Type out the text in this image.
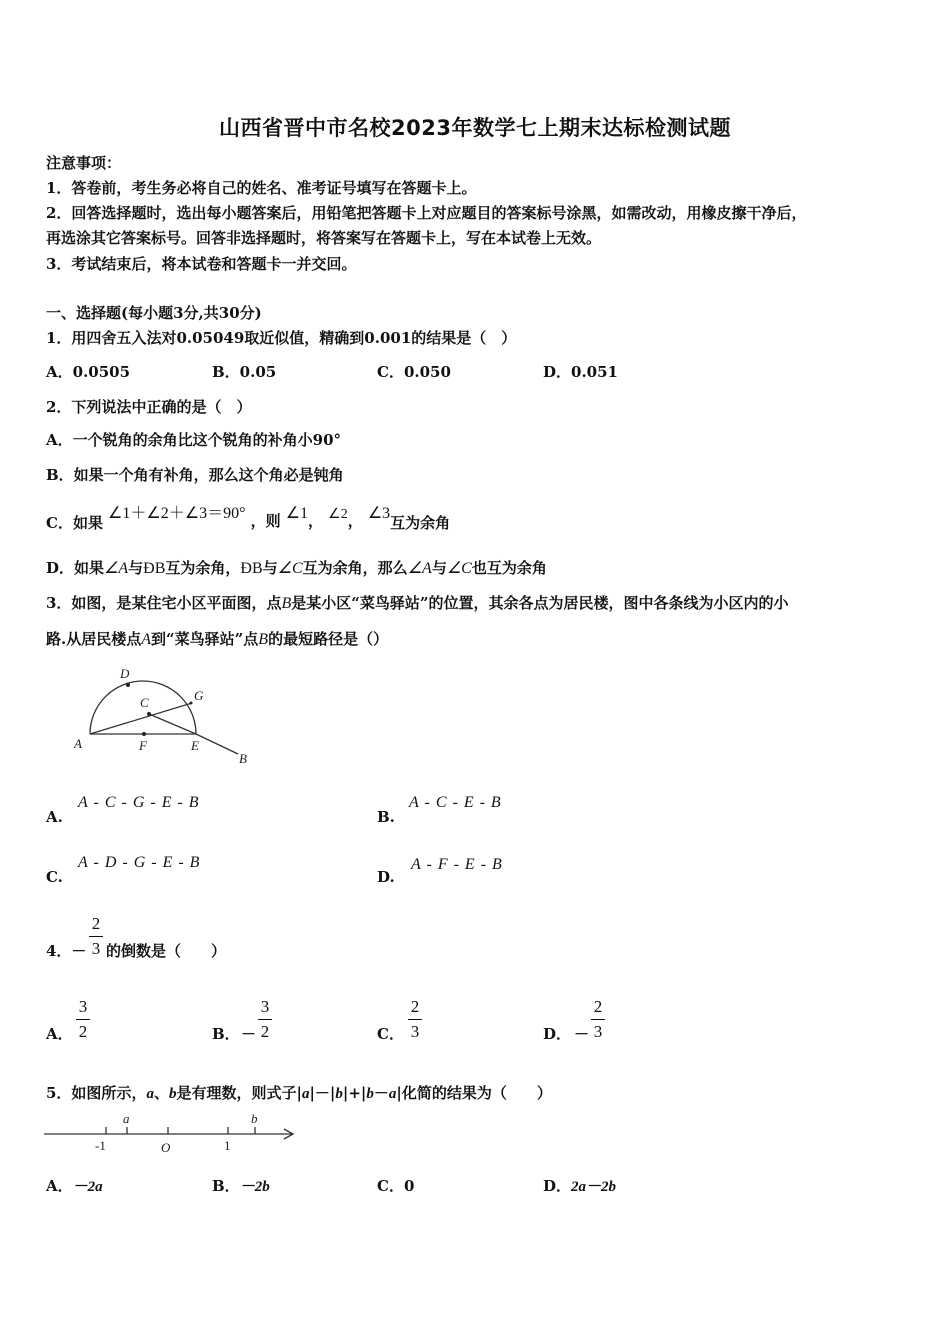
山西省晋中市名校2023年数学七上期末达标检测试题
注意事项：
1．答卷前，考生务必将自己的姓名、准考证号填写在答题卡上。
2．回答选择题时，选出每小题答案后，用铅笔把答题卡上对应题目的答案标号涂黑，如需改动，用橡皮擦干净后，
再选涂其它答案标号。回答非选择题时，将答案写在答题卡上，写在本试卷上无效。
3．考试结束后，将本试卷和答题卡一并交回。
一、选择题(每小题3分,共30分)
1．用四舍五入法对0.05049取近似值，精确到0.001的结果是（　）
A．0.0505	B．0.05	C．0.050	D．0.051
2．下列说法中正确的是（　）
A．一个锐角的余角比这个锐角的补角小90°
B．如果一个角有补角，那么这个角必是钝角
C．如果 ∠1＋∠2＋∠3＝90° ，则 ∠1， ∠2， ∠3互为余角
D．如果∠A与ÐB互为余角，ÐB与∠C互为余角，那么∠A与∠C也互为余角
3．如图，是某住宅小区平面图，点B是某小区“菜鸟驿站”的位置，其余各点为居民楼，图中各条线为小区内的小
路.从居民楼点A到“菜鸟驿站”点B的最短路径是（）
D
G
C
A	F	E
B
A.
A - C - G - E - B
B.
A - C - E - B
C.
A - D - G - E - B
D.
A - F - E - B
4．－
2
3 的倒数是（　　）
A．
3
2	B． －
3
2	C．
2
3	D． －
2
3
5．如图所示，a、b是有理数，则式子|a|－|b|+|b－a|化简的结果为（　　）
a	b
-1	O	1
A．－2a	B．－2b	C．0	D．2a－2b
